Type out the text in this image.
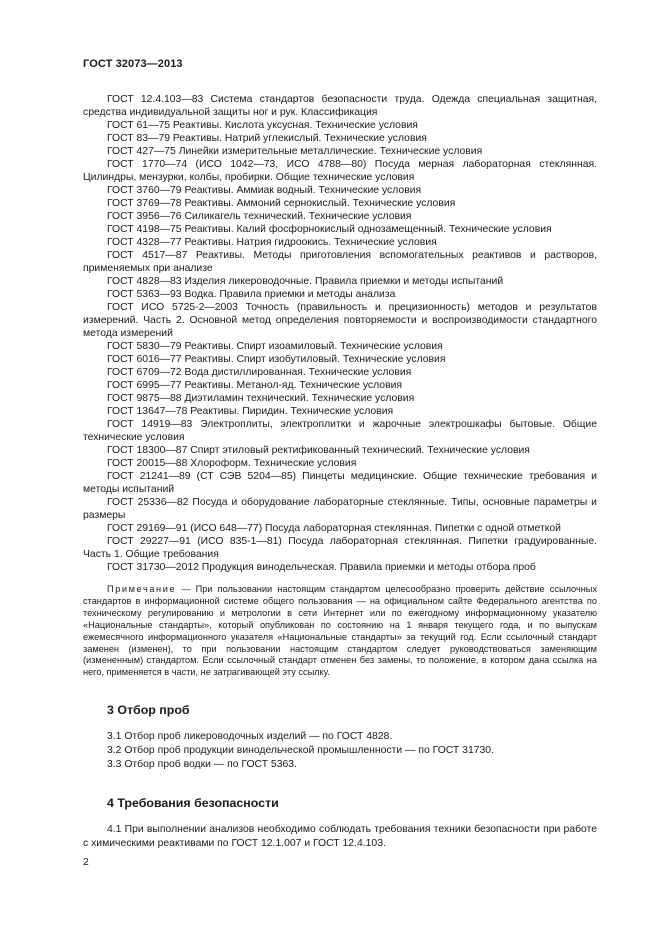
ГОСТ 32073—2013

ГОСТ 12.4.103—83 Система стандартов безопасности труда. Одежда специальная защитная, средства индивидуальной защиты ног и рук. Классификация

ГОСТ 61—75 Реактивы. Кислота уксусная. Технические условия

ГОСТ 83—79 Реактивы. Натрий углекислый. Технические условия

ГОСТ 427—75 Линейки измерительные металлические. Технические условия

ГОСТ 1770—74 (ИСО 1042—73, ИСО 4788—80) Посуда мерная лабораторная стеклянная. Цилиндры, мензурки, колбы, пробирки. Общие технические условия

ГОСТ 3760—79 Реактивы. Аммиак водный. Технические условия

ГОСТ 3769—78 Реактивы. Аммоний сернокислый. Технические условия

ГОСТ 3956—76 Силикагель технический. Технические условия

ГОСТ 4198—75 Реактивы. Калий фосфорнокислый однозамещенный. Технические условия

ГОСТ 4328—77 Реактивы. Натрия гидроокись. Технические условия

ГОСТ 4517—87 Реактивы. Методы приготовления вспомогательных реактивов и растворов, применяемых при анализе

ГОСТ 4828—83 Изделия ликероводочные. Правила приемки и методы испытаний

ГОСТ 5363—93 Водка. Правила приемки и методы анализа

ГОСТ ИСО 5725-2—2003 Точность (правильность и прецизионность) методов и результатов измерений. Часть 2. Основной метод определения повторяемости и воспроизводимости стандартного метода измерений

ГОСТ 5830—79 Реактивы. Спирт изоамиловый. Технические условия

ГОСТ 6016—77 Реактивы. Спирт изобутиловый. Технические условия

ГОСТ 6709—72 Вода дистиллированная. Технические условия

ГОСТ 6995—77 Реактивы. Метанол-яд. Технические условия

ГОСТ 9875—88 Диэтиламин технический. Технические условия

ГОСТ 13647—78 Реактивы. Пиридин. Технические условия

ГОСТ 14919—83 Электроплиты, электроплитки и жарочные электрошкафы бытовые. Общие технические условия

ГОСТ 18300—87 Спирт этиловый ректификованный технический. Технические условия

ГОСТ 20015—88 Хлороформ. Технические условия

ГОСТ 21241—89 (СТ СЭВ 5204—85) Пинцеты медицинские. Общие технические требования и методы испытаний

ГОСТ 25336—82 Посуда и оборудование лабораторные стеклянные. Типы, основные параметры и размеры

ГОСТ 29169—91 (ИСО 648—77) Посуда лабораторная стеклянная. Пипетки с одной отметкой

ГОСТ 29227—91 (ИСО 835-1—81) Посуда лабораторная стеклянная. Пипетки градуированные. Часть 1. Общие требования

ГОСТ 31730—2012 Продукция винодельческая. Правила приемки и методы отбора проб

Примечание — При пользовании настоящим стандартом целесообразно проверить действие ссылочных стандартов в информационной системе общего пользования — на официальном сайте Федерального агентства по техническому регулированию и метрологии в сети Интернет или по ежегодному информационному указателю «Национальные стандарты», который опубликован по состоянию на 1 января текущего года, и по выпускам ежемесячного информационного указателя «Национальные стандарты» за текущий год. Если ссылочный стандарт заменен (изменен), то при пользовании настоящим стандартом следует руководствоваться заменяющим (измененным) стандартом. Если ссылочный стандарт отменен без замены, то положение, в котором дана ссылка на него, применяется в части, не затрагивающей эту ссылку.

3 Отбор проб

3.1 Отбор проб ликероводочных изделий — по ГОСТ 4828.

3.2 Отбор проб продукции винодельческой промышленности — по ГОСТ 31730.

3.3 Отбор проб водки — по ГОСТ 5363.

4 Требования безопасности

4.1 При выполнении анализов необходимо соблюдать требования техники безопасности при работе с химическими реактивами по ГОСТ 12.1.007 и ГОСТ 12.4.103.

2
